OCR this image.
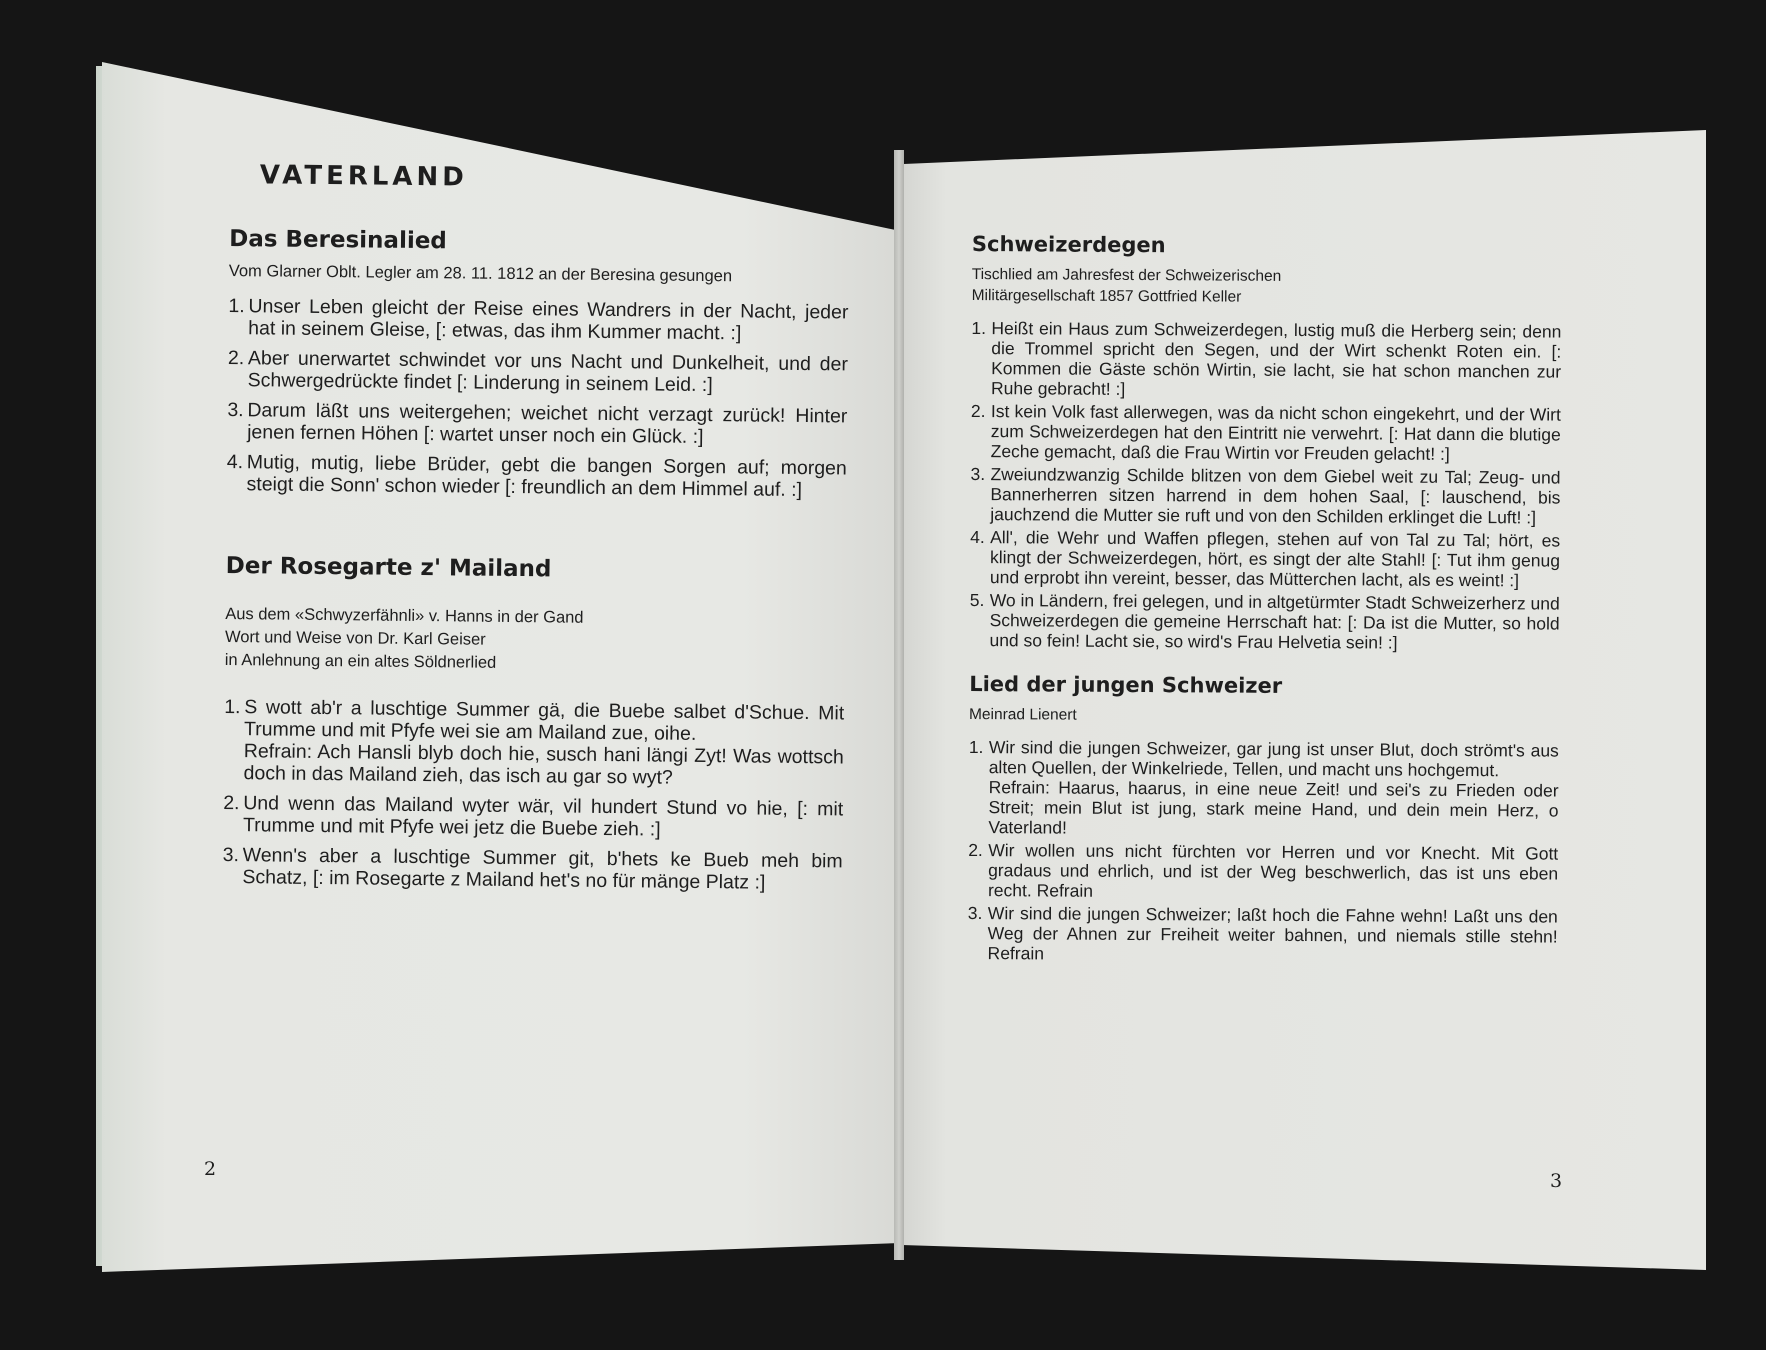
VATERLAND
Das Beresinalied
Vom Glarner Oblt. Legler am 28. 11. 1812 an der Beresina gesungen
1. Unser Leben gleicht der Reise eines Wandrers in der Nacht, jeder hat in seinem Gleise, [: etwas, das ihm Kummer macht. :]
2. Aber unerwartet schwindet vor uns Nacht und Dunkelheit, und der Schwergedrückte findet [: Linderung in seinem Leid. :]
3. Darum läßt uns weitergehen; weichet nicht verzagt zurück! Hinter jenen fernen Höhen [: wartet unser noch ein Glück. :]
4. Mutig, mutig, liebe Brüder, gebt die bangen Sorgen auf; morgen steigt die Sonn' schon wieder [: freundlich an dem Himmel auf. :]
Der Rosegarte z' Mailand
Aus dem «Schwyzerfähnli» v. Hanns in der Gand
Wort und Weise von Dr. Karl Geiser
in Anlehnung an ein altes Söldnerlied
1. S wott ab'r a luschtige Summer gä, die Buebe salbet d'Schue. Mit Trumme und mit Pfyfe wei sie am Mailand zue, oihe.
Refrain: Ach Hansli blyb doch hie, susch hani längi Zyt! Was wottsch doch in das Mailand zieh, das isch au gar so wyt?
2. Und wenn das Mailand wyter wär, vil hundert Stund vo hie, [: mit Trumme und mit Pfyfe wei jetz die Buebe zieh. :]
3. Wenn's aber a luschtige Summer git, b'hets ke Bueb meh bim Schatz, [: im Rosegarte z Mailand het's no für mänge Platz :]
2
Schweizerdegen
Tischlied am Jahresfest der Schweizerischen
Militärgesellschaft 1857 Gottfried Keller
1. Heißt ein Haus zum Schweizerdegen, lustig muß die Herberg sein; denn die Trommel spricht den Segen, und der Wirt schenkt Roten ein. [: Kommen die Gäste schön Wirtin, sie lacht, sie hat schon manchen zur Ruhe gebracht! :]
2. Ist kein Volk fast allerwegen, was da nicht schon eingekehrt, und der Wirt zum Schweizerdegen hat den Eintritt nie verwehrt. [: Hat dann die blutige Zeche gemacht, daß die Frau Wirtin vor Freuden gelacht! :]
3. Zweiundzwanzig Schilde blitzen von dem Giebel weit zu Tal; Zeug- und Bannerherren sitzen harrend in dem hohen Saal, [: lauschend, bis jauchzend die Mutter sie ruft und von den Schilden erklinget die Luft! :]
4. All', die Wehr und Waffen pflegen, stehen auf von Tal zu Tal; hört, es klingt der Schweizerdegen, hört, es singt der alte Stahl! [: Tut ihm genug und erprobt ihn vereint, besser, das Mütterchen lacht, als es weint! :]
5. Wo in Ländern, frei gelegen, und in altgetürmter Stadt Schweizerherz und Schweizerdegen die gemeine Herrschaft hat: [: Da ist die Mutter, so hold und so fein! Lacht sie, so wird's Frau Helvetia sein! :]
Lied der jungen Schweizer
Meinrad Lienert
1. Wir sind die jungen Schweizer, gar jung ist unser Blut, doch strömt's aus alten Quellen, der Winkelriede, Tellen, und macht uns hochgemut.
Refrain: Haarus, haarus, in eine neue Zeit! und sei's zu Frieden oder Streit; mein Blut ist jung, stark meine Hand, und dein mein Herz, o Vaterland!
2. Wir wollen uns nicht fürchten vor Herren und vor Knecht. Mit Gott gradaus und ehrlich, und ist der Weg beschwerlich, das ist uns eben recht. Refrain
3. Wir sind die jungen Schweizer; laßt hoch die Fahne wehn! Laßt uns den Weg der Ahnen zur Freiheit weiter bahnen, und niemals stille stehn! Refrain
3
